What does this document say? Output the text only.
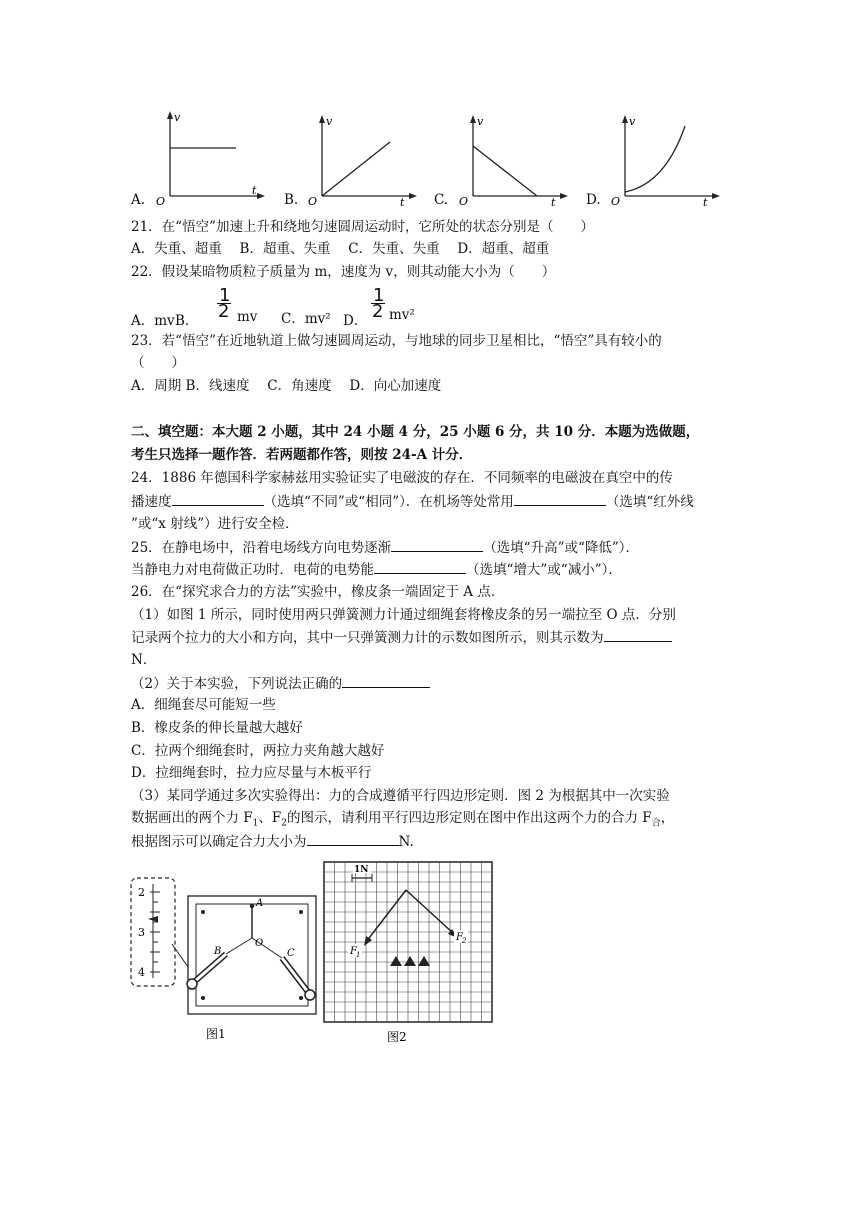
A.
v
O
t
B.
v
O	t C.
v
O	t D.
v
O	t
21．在“悟空”加速上升和绕地匀速圆周运动时，它所处的状态分别是（　　）
A．失重、超重　 B．超重、失重　 C．失重、失重　 D．超重、超重
22．假设某暗物质粒子质量为 m，速度为 v，则其动能大小为（　　）
A．mv B．
1
2 mv C．mv² D．
1
2 mv²
23．若“悟空”在近地轨道上做匀速圆周运动，与地球的同步卫星相比，“悟空”具有较小的
（　　）
A．周期 B．线速度　 C．角速度　 D．向心加速度
二、填空题：本大题 2 小题，其中 24 小题 4 分，25 小题 6 分，共 10 分．本题为选做题，
考生只选择一题作答．若两题都作答，则按 24-A 计分．
24．1886 年德国科学家赫兹用实验证实了电磁波的存在．不同频率的电磁波在真空中的传
播速度	（选填“不同”或“相同”）．在机场等处常用	（选填“红外线
”或“x 射线”）进行安全检．
25．在静电场中，沿着电场线方向电势逐渐	（选填“升高”或“降低”）．
当静电力对电荷做正功时．电荷的电势能	（选填“增大”或“减小”）．
26．在“探究求合力的方法”实验中，橡皮条一端固定于 A 点．
（1）如图 1 所示，同时使用两只弹簧测力计通过细绳套将橡皮条的另一端拉至 O 点．分别
记录两个拉力的大小和方向，其中一只弹簧测力计的示数如图所示，则其示数为
N．
（2）关于本实验，下列说法正确的
A．细绳套尽可能短一些
B．橡皮条的伸长量越大越好
C．拉两个细绳套时，两拉力夹角越大越好
D．拉细绳套时，拉力应尽量与木板平行
（3）某同学通过多次实验得出：力的合成遵循平行四边形定则．图 2 为根据其中一次实验
数据画出的两个力 $F_1$、$F_2$的图示，请利用平行四边形定则在图中作出这两个力的合力 $F_合$，
根据图示可以确定合力大小为	N.
2
3
4
A
B	C
O
图1
1N
F 1
F 2
图2
